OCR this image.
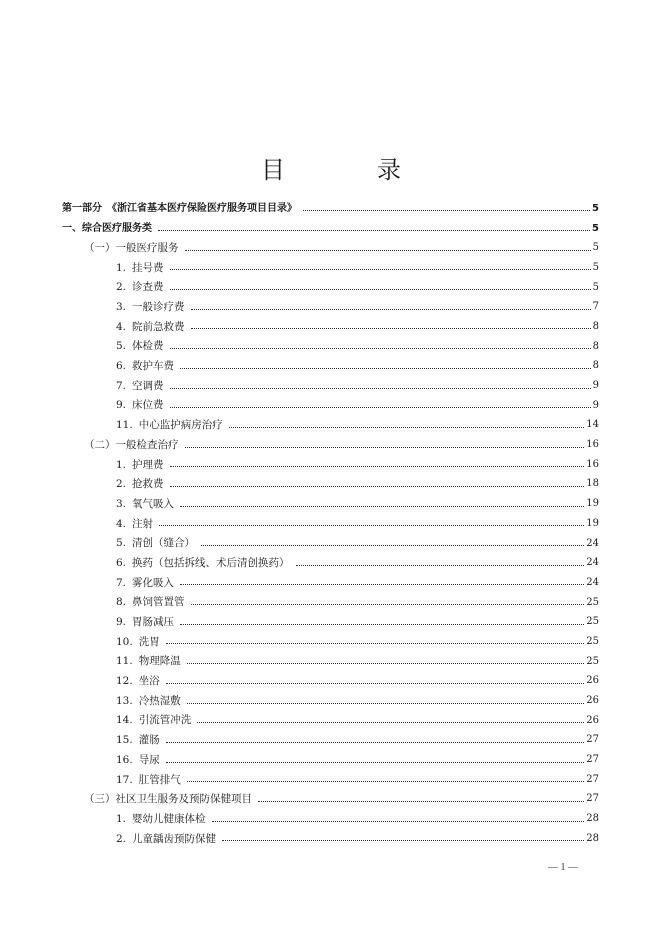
目　录
第一部分　《浙江省基本医疗保险医疗服务项目目录》	5
一、综合医疗服务类	5
（一）一般医疗服务	5
1. 挂号费	5
2. 诊查费	5
3. 一般诊疗费	7
4. 院前急救费	8
5. 体检费	8
6. 救护车费	8
7. 空调费	9
9. 床位费	9
11. 中心监护病房治疗	14
（二）一般检查治疗	16
1. 护理费	16
2. 抢救费	18
3. 氧气吸入	19
4. 注射	19
5. 清创（缝合）	24
6. 换药（包括拆线、术后清创换药）	24
7. 雾化吸入	24
8. 鼻饲管置管	25
9. 胃肠减压	25
10. 洗胃	25
11. 物理降温	25
12. 坐浴	26
13. 冷热湿敷	26
14. 引流管冲洗	26
15. 灌肠	27
16. 导尿	27
17. 肛管排气	27
（三）社区卫生服务及预防保健项目	27
1. 婴幼儿健康体检	28
2. 儿童龋齿预防保健	28
— 1 —
